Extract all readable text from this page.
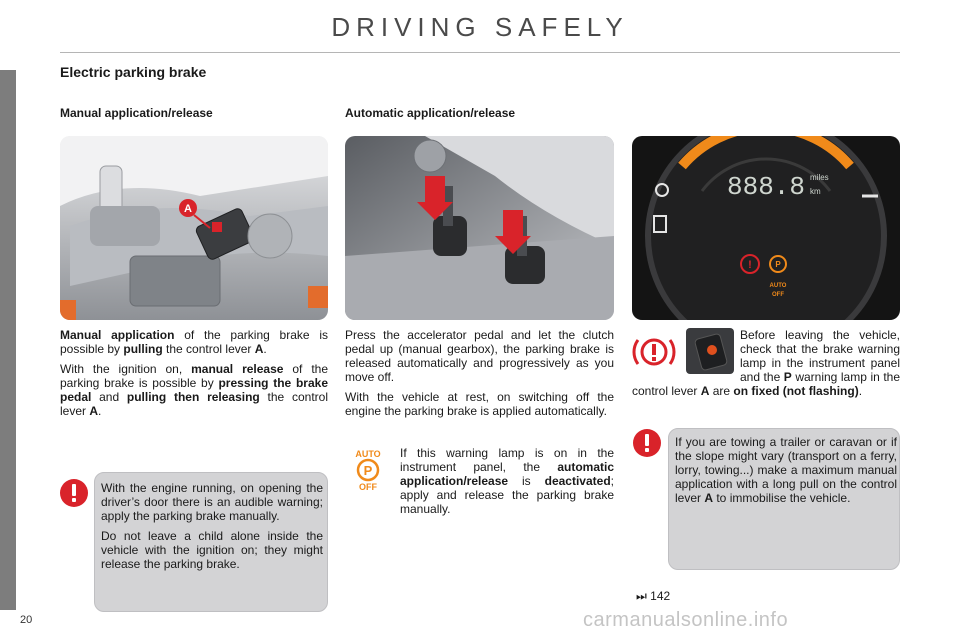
DRIVING SAFELY
Electric parking brake
Manual application/release	Automatic application/release
A
888.8 miles
km
!
AUTO
P
OFF

Manual application of the parking brake is possible by pulling the control lever A.

With the ignition on, manual release of the parking brake is possible by pressing the brake pedal and pulling then releasing the control lever A.

Press the accelerator pedal and let the clutch pedal up (manual gearbox), the parking brake is released automatically and progressively as you move off.

With the vehicle at rest, on switching off the engine the parking brake is applied automatically.

AUTO
P
OFF
If this warning lamp is on in the instrument panel, the automatic application/release is deactivated; apply and release the parking brake manually.
Before leaving the vehicle, check that the brake warning lamp in the instrument panel and the P warning lamp in the control lever A are on fixed (not flashing).

With the engine running, on opening the driver’s door there is an audible warning; apply the parking brake manually.

Do not leave a child alone inside the vehicle with the ignition on; they might release the parking brake.

If you are towing a trailer or caravan or if the slope might vary (transport on a ferry, lorry, towing...) make a maximum manual application with a long pull on the control lever A to immobilise the vehicle.
⏭ 142
20	carmanualsonline.info
